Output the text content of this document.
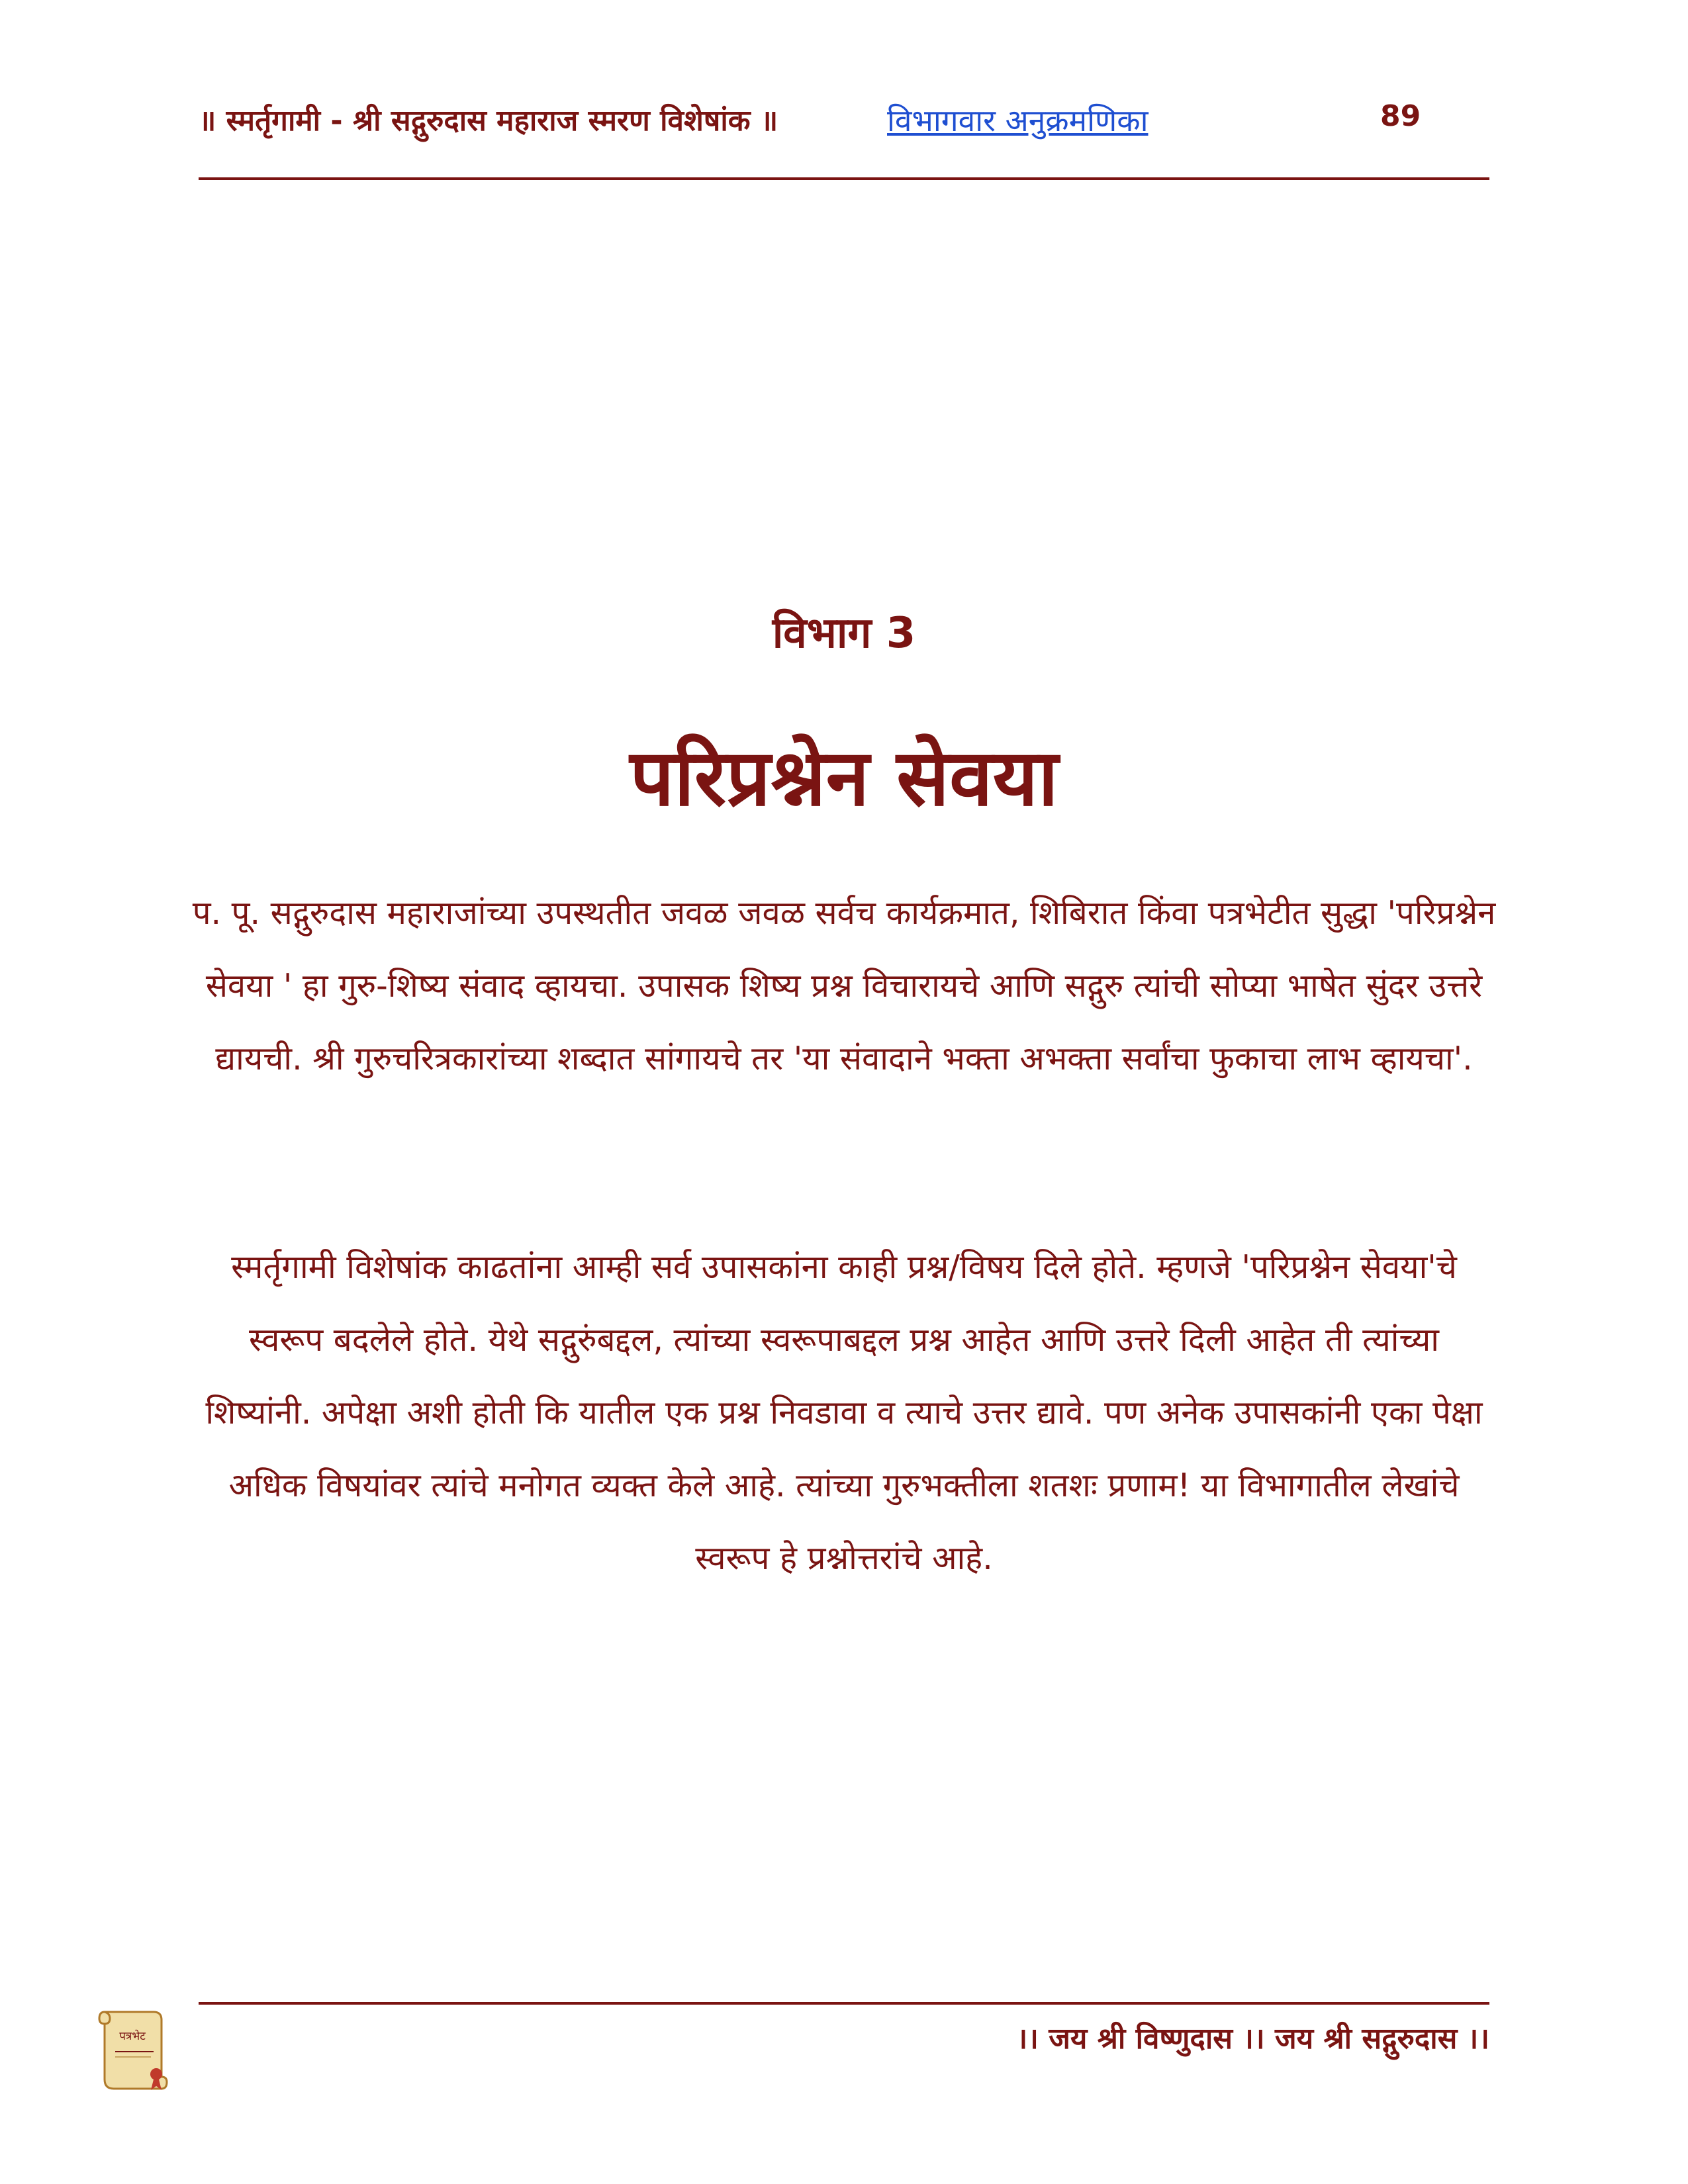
॥ स्मर्तृगामी - श्री सद्गुरुदास महाराज स्मरण विशेषांक ॥	विभागवार अनुक्रमणिका	89
विभाग 3
परिप्रश्नेन सेवया
प. पू. सद्गुरुदास महाराजांच्या उपस्थतीत जवळ जवळ सर्वच कार्यक्रमात, शिबिरात किंवा पत्रभेटीत सुद्धा 'परिप्रश्नेन सेवया ' हा गुरु-शिष्य संवाद व्हायचा. उपासक शिष्य प्रश्न विचारायचे आणि सद्गुरु त्यांची सोप्या भाषेत सुंदर उत्तरे द्यायची. श्री गुरुचरित्रकारांच्या शब्दात सांगायचे तर 'या संवादाने भक्ता अभक्ता सर्वांचा फुकाचा लाभ व्हायचा'.
स्मर्तृगामी विशेषांक काढतांना आम्ही सर्व उपासकांना काही प्रश्न/विषय दिले होते. म्हणजे 'परिप्रश्नेन सेवया'चे स्वरूप बदलेले होते. येथे सद्गुरुंबद्दल, त्यांच्या स्वरूपाबद्दल प्रश्न आहेत आणि उत्तरे दिली आहेत ती त्यांच्या शिष्यांनी. अपेक्षा अशी होती कि यातील एक प्रश्न निवडावा व त्याचे उत्तर द्यावे. पण अनेक उपासकांनी एका पेक्षा अधिक विषयांवर त्यांचे मनोगत व्यक्त केले आहे. त्यांच्या गुरुभक्तीला शतशः प्रणाम! या विभागातील लेखांचे स्वरूप हे प्रश्नोत्तरांचे आहे.
पत्रभेट	।। जय श्री विष्णुदास ।। जय श्री सद्गुरुदास ।।
